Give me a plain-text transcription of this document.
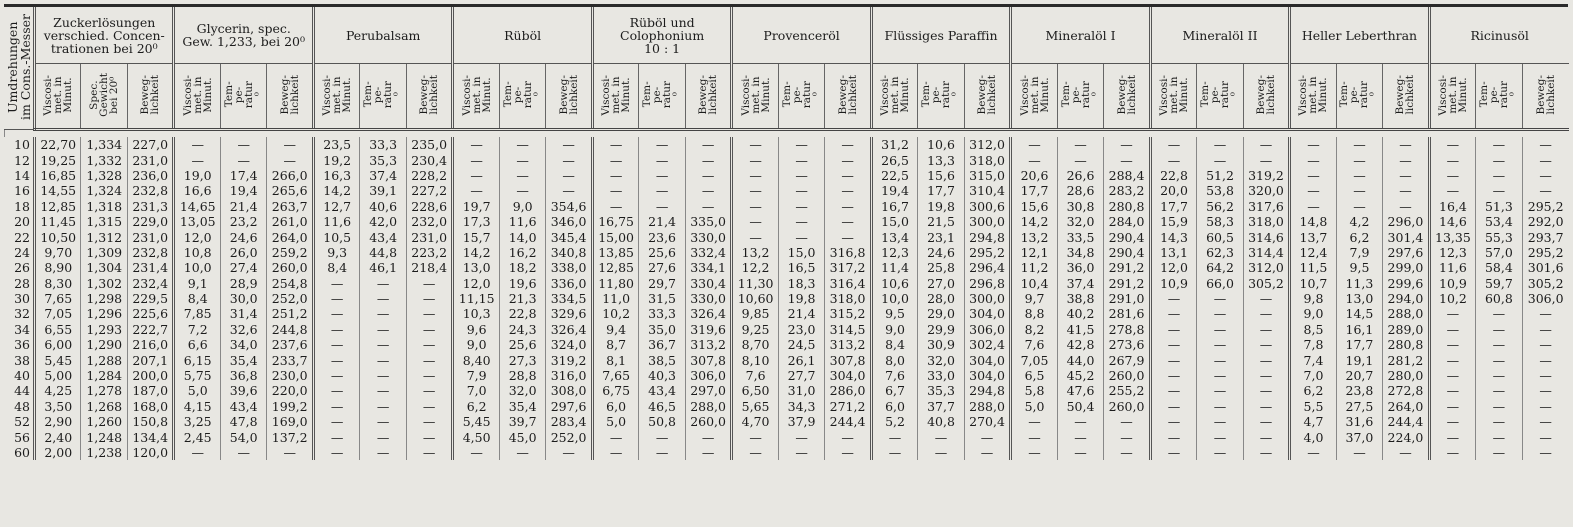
Umdrehungen
im Cons.-Messer	Zuckerlösungen
verschied. Concen-
trationen bei 20⁰			Glycerin, spec.
Gew. 1,233, bei 20⁰			Perubalsam			Rüböl			Rüböl und
Colophonium
10 : 1			Provenceröl			Flüssiges Paraffin			Mineralöl I			Mineralöl II			Heller Leberthran			Ricinusöl		
	Viscosi-
met. in
Minut.	Spec.
Gewicht
bei 20⁰	Beweg-
lichkeit	Viscosi-
met. in
Minut.	Tem-
pe-
ratur
⁰	Beweg-
lichkeit	Viscosi-
met. in
Minut.	Tem-
pe-
ratur
⁰	Beweg-
lichkeit	Viscosi-
met. in
Minut.	Tem-
pe-
ratur
⁰	Beweg-
lichkeit	Viscosi-
met. in
Minut.	Tem-
pe-
ratur
⁰	Beweg-
lichkeit	Viscosi-
met. in
Minut.	Tem-
pe-
ratur
⁰	Beweg-
lichkeit	Viscosi-
met. in
Minut.	Tem-
pe-
ratur
⁰	Beweg-
lichkeit	Viscosi-
met. in
Minut.	Tem-
pe-
ratur
⁰	Beweg-
lichkeit	Viscosi-
met. in
Minut.	Tem-
pe-
ratur
⁰	Beweg-
lichkeit	Viscosi-
met. in
Minut.	Tem-
pe-
ratur
⁰	Beweg-
lichkeit	Viscosi-
met. in
Minut.	Tem-
pe-
ratur
⁰	Beweg-
lichkeit

10	22,70	1,334	227,0	—	—	—	23,5	33,3	235,0	—	—	—	—	—	—	—	—	—	31,2	10,6	312,0	—	—	—	—	—	—	—	—	—	—	—	—
12	19,25	1,332	231,0	—	—	—	19,2	35,3	230,4	—	—	—	—	—	—	—	—	—	26,5	13,3	318,0	—	—	—	—	—	—	—	—	—	—	—	—
14	16,85	1,328	236,0	19,0	17,4	266,0	16,3	37,4	228,2	—	—	—	—	—	—	—	—	—	22,5	15,6	315,0	20,6	26,6	288,4	22,8	51,2	319,2	—	—	—	—	—	—
16	14,55	1,324	232,8	16,6	19,4	265,6	14,2	39,1	227,2	—	—	—	—	—	—	—	—	—	19,4	17,7	310,4	17,7	28,6	283,2	20,0	53,8	320,0	—	—	—	—	—	—
18	12,85	1,318	231,3	14,65	21,4	263,7	12,7	40,6	228,6	19,7	9,0	354,6	—	—	—	—	—	—	16,7	19,8	300,6	15,6	30,8	280,8	17,7	56,2	317,6	—	—	—	16,4	51,3	295,2
20	11,45	1,315	229,0	13,05	23,2	261,0	11,6	42,0	232,0	17,3	11,6	346,0	16,75	21,4	335,0	—	—	—	15,0	21,5	300,0	14,2	32,0	284,0	15,9	58,3	318,0	14,8	4,2	296,0	14,6	53,4	292,0
22	10,50	1,312	231,0	12,0	24,6	264,0	10,5	43,4	231,0	15,7	14,0	345,4	15,00	23,6	330,0	—	—	—	13,4	23,1	294,8	13,2	33,5	290,4	14,3	60,5	314,6	13,7	6,2	301,4	13,35	55,3	293,7
24	9,70	1,309	232,8	10,8	26,0	259,2	9,3	44,8	223,2	14,2	16,2	340,8	13,85	25,6	332,4	13,2	15,0	316,8	12,3	24,6	295,2	12,1	34,8	290,4	13,1	62,3	314,4	12,4	7,9	297,6	12,3	57,0	295,2
26	8,90	1,304	231,4	10,0	27,4	260,0	8,4	46,1	218,4	13,0	18,2	338,0	12,85	27,6	334,1	12,2	16,5	317,2	11,4	25,8	296,4	11,2	36,0	291,2	12,0	64,2	312,0	11,5	9,5	299,0	11,6	58,4	301,6
28	8,30	1,302	232,4	9,1	28,9	254,8	—	—	—	12,0	19,6	336,0	11,80	29,7	330,4	11,30	18,3	316,4	10,6	27,0	296,8	10,4	37,4	291,2	10,9	66,0	305,2	10,7	11,3	299,6	10,9	59,7	305,2
30	7,65	1,298	229,5	8,4	30,0	252,0	—	—	—	11,15	21,3	334,5	11,0	31,5	330,0	10,60	19,8	318,0	10,0	28,0	300,0	9,7	38,8	291,0	—	—	—	9,8	13,0	294,0	10,2	60,8	306,0
32	7,05	1,296	225,6	7,85	31,4	251,2	—	—	—	10,3	22,8	329,6	10,2	33,3	326,4	9,85	21,4	315,2	9,5	29,0	304,0	8,8	40,2	281,6	—	—	—	9,0	14,5	288,0	—	—	—
34	6,55	1,293	222,7	7,2	32,6	244,8	—	—	—	9,6	24,3	326,4	9,4	35,0	319,6	9,25	23,0	314,5	9,0	29,9	306,0	8,2	41,5	278,8	—	—	—	8,5	16,1	289,0	—	—	—
36	6,00	1,290	216,0	6,6	34,0	237,6	—	—	—	9,0	25,6	324,0	8,7	36,7	313,2	8,70	24,5	313,2	8,4	30,9	302,4	7,6	42,8	273,6	—	—	—	7,8	17,7	280,8	—	—	—
38	5,45	1,288	207,1	6,15	35,4	233,7	—	—	—	8,40	27,3	319,2	8,1	38,5	307,8	8,10	26,1	307,8	8,0	32,0	304,0	7,05	44,0	267,9	—	—	—	7,4	19,1	281,2	—	—	—
40	5,00	1,284	200,0	5,75	36,8	230,0	—	—	—	7,9	28,8	316,0	7,65	40,3	306,0	7,6	27,7	304,0	7,6	33,0	304,0	6,5	45,2	260,0	—	—	—	7,0	20,7	280,0	—	—	—
44	4,25	1,278	187,0	5,0	39,6	220,0	—	—	—	7,0	32,0	308,0	6,75	43,4	297,0	6,50	31,0	286,0	6,7	35,3	294,8	5,8	47,6	255,2	—	—	—	6,2	23,8	272,8	—	—	—
48	3,50	1,268	168,0	4,15	43,4	199,2	—	—	—	6,2	35,4	297,6	6,0	46,5	288,0	5,65	34,3	271,2	6,0	37,7	288,0	5,0	50,4	260,0	—	—	—	5,5	27,5	264,0	—	—	—
52	2,90	1,260	150,8	3,25	47,8	169,0	—	—	—	5,45	39,7	283,4	5,0	50,8	260,0	4,70	37,9	244,4	5,2	40,8	270,4	—	—	—	—	—	—	4,7	31,6	244,4	—	—	—
56	2,40	1,248	134,4	2,45	54,0	137,2	—	—	—	4,50	45,0	252,0	—	—	—	—	—	—	—	—	—	—	—	—	—	—	—	4,0	37,0	224,0	—	—	—
60	2,00	1,238	120,0	—	—	—	—	—	—	—	—	—	—	—	—	—	—	—	—	—	—	—	—	—	—	—	—	—	—	—	—	—	—
